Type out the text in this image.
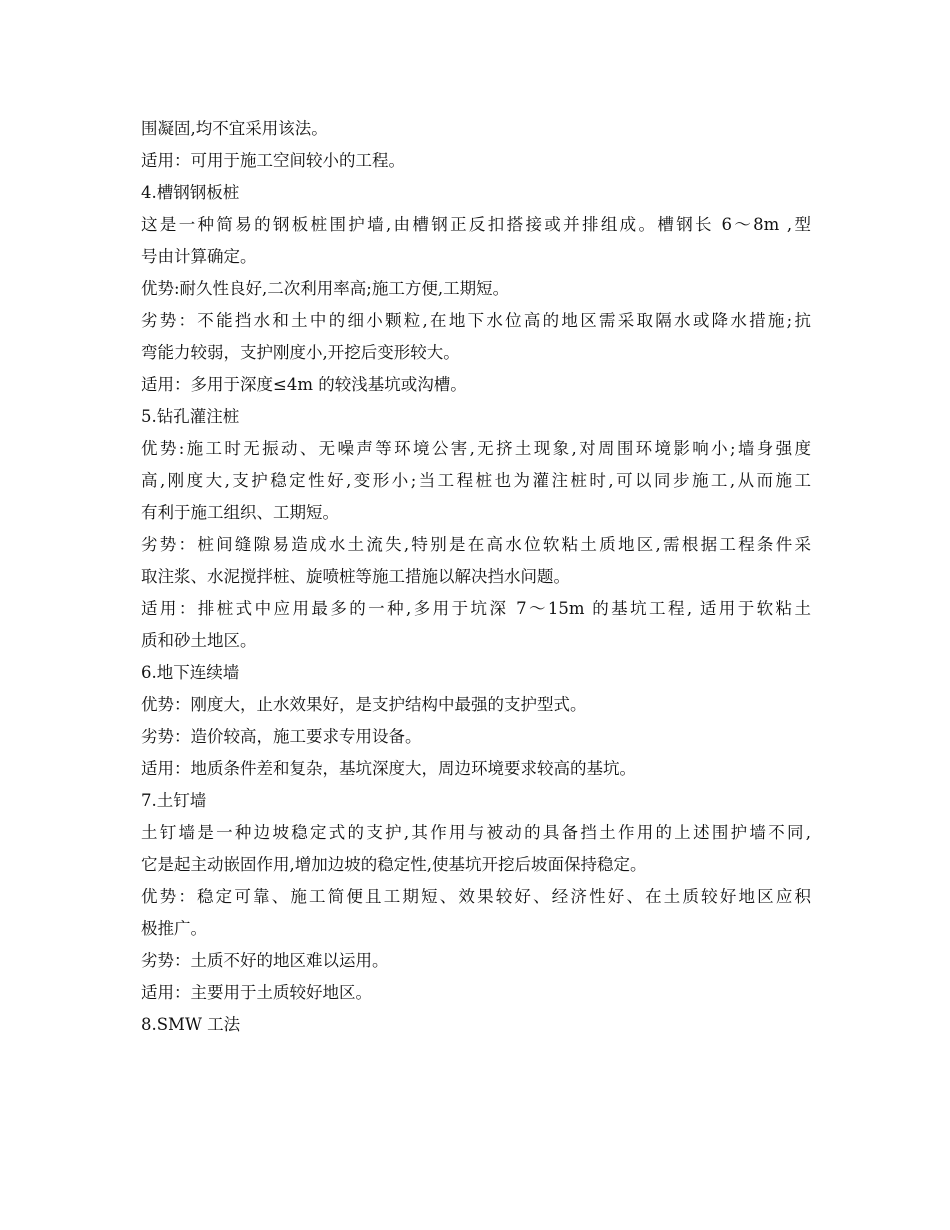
围凝固,均不宜采用该法。
适用：可用于施工空间较小的工程。
4.槽钢钢板桩
这是一种简易的钢板桩围护墙,由槽钢正反扣搭接或并排组成。槽钢长 6～8m ,型
号由计算确定。
优势:耐久性良好,二次利用率高;施工方便,工期短。
劣势：不能挡水和土中的细小颗粒,在地下水位高的地区需采取隔水或降水措施;抗
弯能力较弱，支护刚度小,开挖后变形较大。
适用：多用于深度≤4m 的较浅基坑或沟槽。
5.钻孔灌注桩
优势:施工时无振动、无噪声等环境公害,无挤土现象,对周围环境影响小;墙身强度
高,刚度大,支护稳定性好,变形小;当工程桩也为灌注桩时,可以同步施工,从而施工
有利于施工组织、工期短。
劣势：桩间缝隙易造成水土流失,特别是在高水位软粘土质地区,需根据工程条件采
取注浆、水泥搅拌桩、旋喷桩等施工措施以解决挡水问题。
适用：排桩式中应用最多的一种,多用于坑深 7～15m 的基坑工程, 适用于软粘土
质和砂土地区。
6.地下连续墙
优势：刚度大，止水效果好，是支护结构中最强的支护型式。
劣势：造价较高，施工要求专用设备。
适用：地质条件差和复杂，基坑深度大，周边环境要求较高的基坑。
7.土钉墙
土钉墙是一种边坡稳定式的支护,其作用与被动的具备挡土作用的上述围护墙不同,
它是起主动嵌固作用,增加边坡的稳定性,使基坑开挖后坡面保持稳定。
优势：稳定可靠、施工简便且工期短、效果较好、经济性好、在土质较好地区应积
极推广。
劣势：土质不好的地区难以运用。
适用：主要用于土质较好地区。
8.SMW 工法
